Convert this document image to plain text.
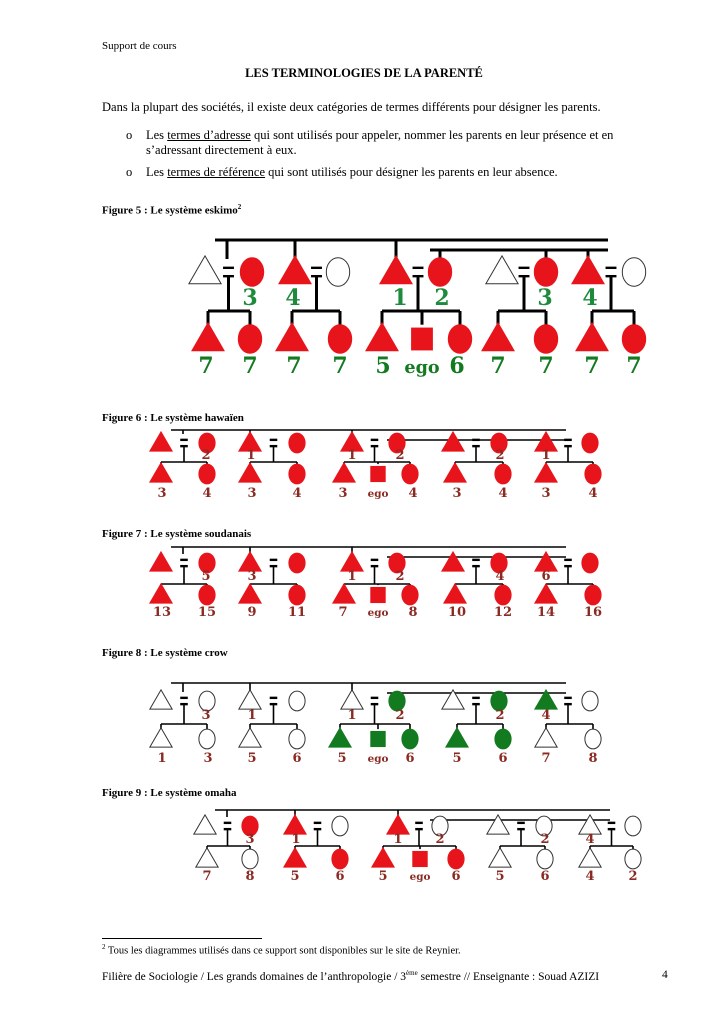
Support de cours
LES TERMINOLOGIES DE LA PARENTÉ
Dans la plupart des sociétés, il existe deux catégories de termes différents pour désigner les parents.
o Les termes d’adresse qui sont utilisés pour appeler, nommer les parents en leur présence et en
s’adressant directement à eux.
o Les termes de référence qui sont utilisés pour désigner les parents en leur absence.
Figure 5 : Le système eskimo$^2$
Figure 6 : Le système hawaïen
Figure 7 : Le système soudanais
Figure 8 : Le système crow
Figure 9 : Le système omaha
3 4	1 2	3 4
7 7 7 7 5 ego 6 7 7 7 7
2	1	1	2	2	1
3	4	3	4	3 ego 4	3	4	3	4
5	3	1	2	4	6
13 15 9 11 7 ego 8 10 12 14 16
3	1	1	2	2	4
1	3	5	6	5 ego 6	5	6	7	8
3	1	1	2	2	4
7	8	5	6	5 ego 6	5	6	4	2
$^2$ Tous les diagrammes utilisés dans ce support sont disponibles sur le site de Reynier.
Filière de Sociologie / Les grands domaines de l’anthropologie / 3ème semestre // Enseignante : Souad AZIZI	4
